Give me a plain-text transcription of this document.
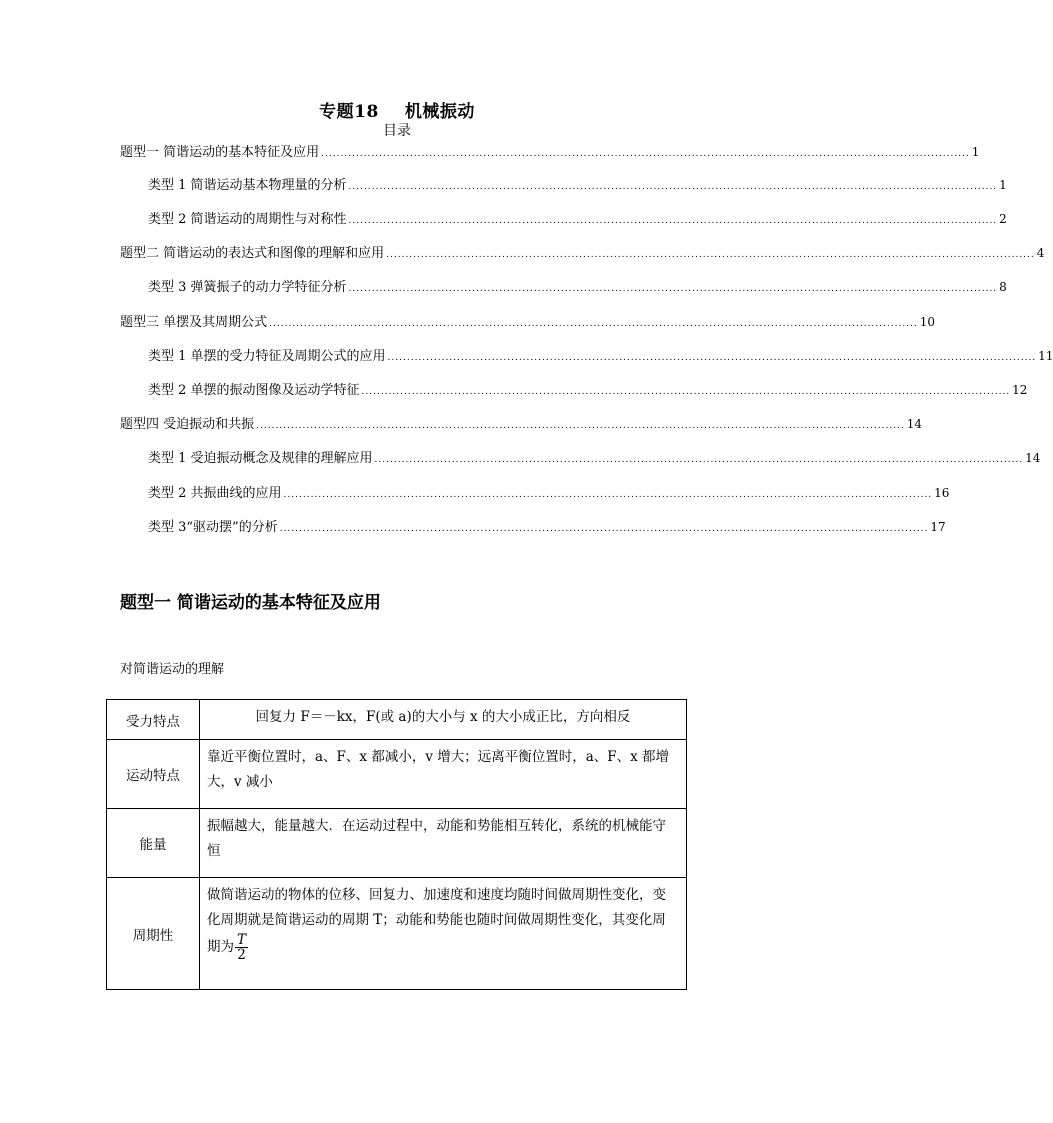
专题18 机械振动
目录
题型一 简谐运动的基本特征及应用 ........................................................................................................................................................................ 1
类型 1 简谐运动基本物理量的分析 ........................................................................................................................................................................ 1
类型 2 简谐运动的周期性与对称性 ........................................................................................................................................................................ 2
题型二 简谐运动的表达式和图像的理解和应用 ........................................................................................................................................................................ 4
类型 3 弹簧振子的动力学特征分析 ........................................................................................................................................................................ 8
题型三 单摆及其周期公式 ........................................................................................................................................................................ 10
类型 1 单摆的受力特征及周期公式的应用 ........................................................................................................................................................................ 11
类型 2 单摆的振动图像及运动学特征 ........................................................................................................................................................................ 12
题型四 受迫振动和共振 ........................................................................................................................................................................ 14
类型 1 受迫振动概念及规律的理解应用 ........................................................................................................................................................................ 14
类型 2 共振曲线的应用 ........................................................................................................................................................................ 16
类型 3“驱动摆”的分析 ........................................................................................................................................................................ 17
题型一 简谐运动的基本特征及应用
对简谐运动的理解
受力特点	回复力 F＝－kx，F(或 a)的大小与 x 的大小成正比，方向相反
运动特点	靠近平衡位置时，a、F、x 都减小，v 增大；远离平衡位置时，a、F、x 都增大，v 减小
能量	振幅越大，能量越大．在运动过程中，动能和势能相互转化，系统的机械能守恒
周期性	做简谐运动的物体的位移、回复力、加速度和速度均随时间做周期性变化，变化周期就是简谐运动的周期 T；动能和势能也随时间做周期性变化，其变化周期为 $\frac{T}{2}$
